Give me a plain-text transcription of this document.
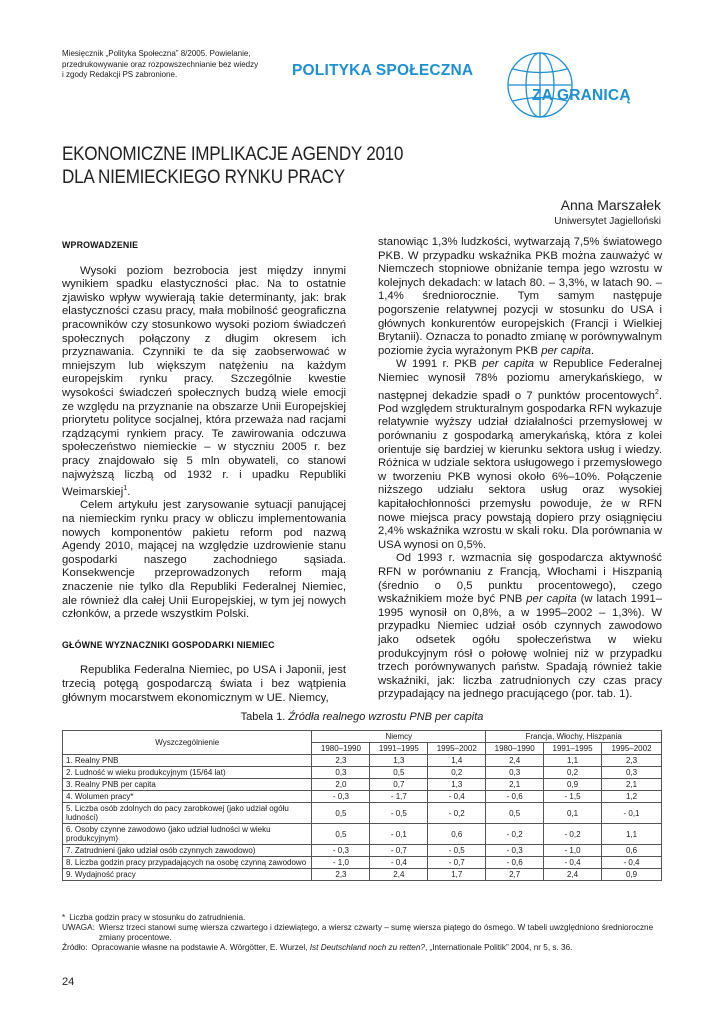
Miesięcznik „Polityka Społeczna” 8/2005. Powielanie,
przedrukowywanie oraz rozpowszechnianie bez wiedzy
i zgody Redakcji PS zabronione.	POLITYKA SPOŁECZNA
ZA GRANICĄ
EKONOMICZNE IMPLIKACJE AGENDY 2010
DLA NIEMIECKIEGO RYNKU PRACY
Anna Marszałek
Uniwersytet Jagielloński
WPROWADZENIE

Wysoki poziom bezrobocia jest między innymi wynikiem spadku elastyczności płac. Na to ostatnie zjawisko wpływ wywierają takie determinanty, jak: brak elastyczności czasu pracy, mała mobilność geograficzna pracowników czy stosunkowo wysoki poziom świadczeń społecznych połączony z długim okresem ich przyznawania. Czynniki te da się zaobserwować w mniejszym lub większym natężeniu na każdym europejskim rynku pracy. Szczególnie kwestie wysokości świadczeń społecznych budzą wiele emocji ze względu na przyznanie na obszarze Unii Europejskiej priorytetu polityce socjalnej, która przeważa nad racjami rządzącymi rynkiem pracy. Te zawirowania odczuwa społeczeństwo niemieckie – w styczniu 2005 r. bez pracy znajdowało się 5 mln obywateli, co stanowi najwyższą liczbą od 1932 r. i upadku Republiki Weimarskiej$^1$.

Celem artykułu jest zarysowanie sytuacji panującej na niemieckim rynku pracy w obliczu implementowania nowych komponentów pakietu reform pod nazwą Agendy 2010, mającej na względzie uzdrowienie stanu gospodarki naszego zachodniego sąsiada. Konsekwencje przeprowadzonych reform mają znaczenie nie tylko dla Republiki Federalnej Niemiec, ale również dla całej Unii Europejskiej, w tym jej nowych członków, a przede wszystkim Polski.

GŁÓWNE WYZNACZNIKI GOSPODARKI NIEMIEC

Republika Federalna Niemiec, po USA i Japonii, jest trzecią potęgą gospodarczą świata i bez wątpienia głównym mocarstwem ekonomicznym w UE. Niemcy,

stanowiąc 1,3% ludzkości, wytwarzają 7,5% światowego PKB. W przypadku wskaźnika PKB można zauważyć w Niemczech stopniowe obniżanie tempa jego wzrostu w kolejnych dekadach: w latach 80. – 3,3%, w latach 90. – 1,4% średniorocznie. Tym samym następuje pogorszenie relatywnej pozycji w stosunku do USA i głównych konkurentów europejskich (Francji i Wielkiej Brytanii). Oznacza to ponadto zmianę w porównywalnym poziomie życia wyrażonym PKB per capita.

W 1991 r. PKB per capita w Republice Federalnej Niemiec wynosił 78% poziomu amerykańskiego, w następnej dekadzie spadł o 7 punktów procentowych$^2$. Pod względem strukturalnym gospodarka RFN wykazuje relatywnie wyższy udział działalności przemysłowej w porównaniu z gospodarką amerykańską, która z kolei orientuje się bardziej w kierunku sektora usług i wiedzy. Różnica w udziale sektora usługowego i przemysłowego w tworzeniu PKB wynosi około 6%–10%. Połączenie niższego udziału sektora usług oraz wysokiej kapitałochłonności przemysłu powoduje, że w RFN nowe miejsca pracy powstają dopiero przy osiągnięciu 2,4% wskaźnika wzrostu w skali roku. Dla porównania w USA wynosi on 0,5%.

Od 1993 r. wzmacnia się gospodarcza aktywność RFN w porównaniu z Francją, Włochami i Hiszpanią (średnio o 0,5 punktu procentowego), czego wskaźnikiem może być PNB per capita (w latach 1991–1995 wynosił on 0,8%, a w 1995–2002 – 1,3%). W przypadku Niemiec udział osób czynnych zawodowo jako odsetek ogółu społeczeństwa w wieku produkcyjnym rósł o połowę wolniej niż w przypadku trzech porównywanych państw. Spadają również takie wskaźniki, jak: liczba zatrudnionych czy czas pracy przypadający na jednego pracującego (por. tab. 1).

Tabela 1. Źródła realnego wzrostu PNB per capita
Wyszczególnienie	Niemcy			Francja, Włochy, Hiszpania		
	1980–1990	1991–1995	1995–2002	1980–1990	1991–1995	1995–2002
1. Realny PNB	2,3	1,3	1,4	2,4	1,1	2,3
2. Ludność w wieku produkcyjnym (15/64 lat)	0,3	0,5	0,2	0,3	0,2	0,3
3. Realny PNB per capita	2,0	0,7	1,3	2,1	0,9	2,1
4. Wolumen pracy*	- 0,3	- 1,7	- 0,4	- 0,6	- 1,5	1,2
5. Liczba osób zdolnych do pacy zarobkowej (jako udział ogółu ludności)	0,5	- 0,5	- 0,2	0,5	0,1	- 0,1
6. Osoby czynne zawodowo (jako udział ludności w wieku produkcyjnym)	0,5	- 0,1	0,6	- 0,2	- 0,2	1,1
7. Zatrudnieni (jako udział osób czynnych zawodowo)	- 0,3	- 0,7	- 0,5	- 0,3	- 1,0	0,6
8. Liczba godzin pracy przypadających na osobę czynną zawodowo	- 1,0	- 0,4	- 0,7	- 0,6	- 0,4	- 0,4
9. Wydajność pracy	2,3	2,4	1,7	2,7	2,4	0,9
* Liczba godzin pracy w stosunku do zatrudnienia.
UWAGA: Wiersz trzeci stanowi sumę wiersza czwartego i dziewiątego, a wiersz czwarty – sumę wiersza piątego do ósmego. W tabeli uwzględniono średnioroczne zmiany procentowe.
Źródło: Opracowanie własne na podstawie A. Wörgötter, E. Wurzel, Ist Deutschland noch zu retten?, „Internationale Politik” 2004, nr 5, s. 36.
24
